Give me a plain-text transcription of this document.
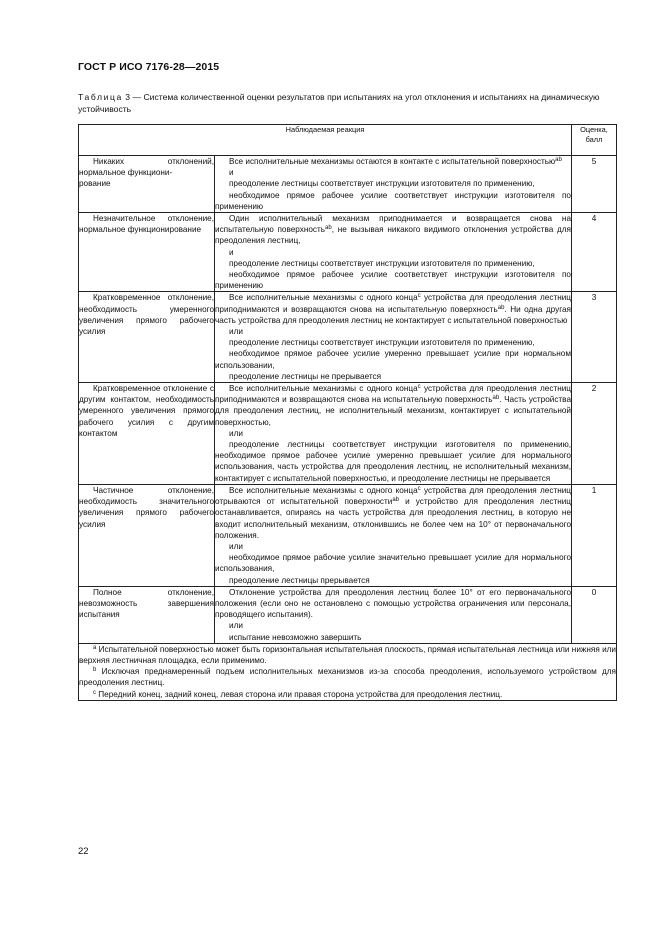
ГОСТ Р ИСО 7176-28—2015
Таблица 3 — Система количественной оценки результатов при испытаниях на угол отклонения и испытаниях на динамическую устойчивость
Наблюдаемая реакция		Оценка,
балл

Никаких отклонений, нормальное функциони-
рование	Все исполнительные механизмы остаются в контакте с испытательной поверхностью$^{ab}$
и
преодоление лестницы соответствует инструкции изготовителя по применению,
необходимое прямое рабочее усилие соответствует инструкции изготовителя по применению	5

Незначительное отклонение, нормальное функционирование	Один исполнительный механизм приподнимается и возвращается снова на испытательную поверхность$^{ab}$, не вызывая никакого видимого отклонения устройства для преодоления лестниц,
и
преодоление лестницы соответствует инструкции изготовителя по применению,
необходимое прямое рабочее усилие соответствует инструкции изготовителя по применению	4

Кратковременное отклонение, необходимость умеренного увеличения прямого рабочего усилия	Все исполнительные механизмы с одного конца$^c$ устройства для преодоления лестниц приподнимаются и возвращаются снова на испытательную поверхность$^{ab}$. Ни одна другая часть устройства для преодоления лестниц не контактирует с испытательной поверхностью
или
преодоление лестницы соответствует инструкции изготовителя по применению,
необходимое прямое рабочее усилие умеренно превышает усилие при нормальном использовании,
преодоление лестницы не прерывается	3

Кратковременное отклонение с другим контактом, необходимость умеренного увеличения прямого рабочего усилия с другим контактом	Все исполнительные механизмы с одного конца$^c$ устройства для преодоления лестниц приподнимаются и возвращаются снова на испытательную поверхность$^{ab}$. Часть устройства для преодоления лестниц, не исполнительный механизм, контактирует с испытательной поверхностью,
или
преодоление лестницы соответствует инструкции изготовителя по применению, необходимое прямое рабочее усилие умеренно превышает усилие для нормального использования, часть устройства для преодоления лестниц, не исполнительный механизм, контактирует с испытательной поверхностью, и преодоление лестницы не прерывается	2

Частичное отклонение, необходимость значительного увеличения прямого рабочего усилия	Все исполнительные механизмы с одного конца$^c$ устройства для преодоления лестниц отрываются от испытательной поверхности$^{ab}$ и устройство для преодоления лестниц останавливается, опираясь на часть устройства для преодоления лестниц, в которую не входит исполнительный механизм, отклонившись не более чем на 10° от первоначального положения.
или
необходимое прямое рабочие усилие значительно превышает усилие для нормального использования,
преодоление лестницы прерывается	1

Полное отклонение, невозможность завершения испытания	Отклонение устройства для преодоления лестниц более 10° от его первоначального положения (если оно не остановлено с помощью устройства ограничения или персонала, проводящего испытания).
или
испытание невозможно завершить	0

$^a$ Испытательной поверхностью может быть горизонтальная испытательная плоскость, прямая испытательная лестница или нижняя или верхняя лестничная площадка, если применимо.
$^b$ Исключая преднамеренный подъем исполнительных механизмов из-за способа преодоления, используемого устройством для преодоления лестниц.
$^c$ Передний конец, задний конец, левая сторона или правая сторона устройства для преодоления лестниц.		
22
